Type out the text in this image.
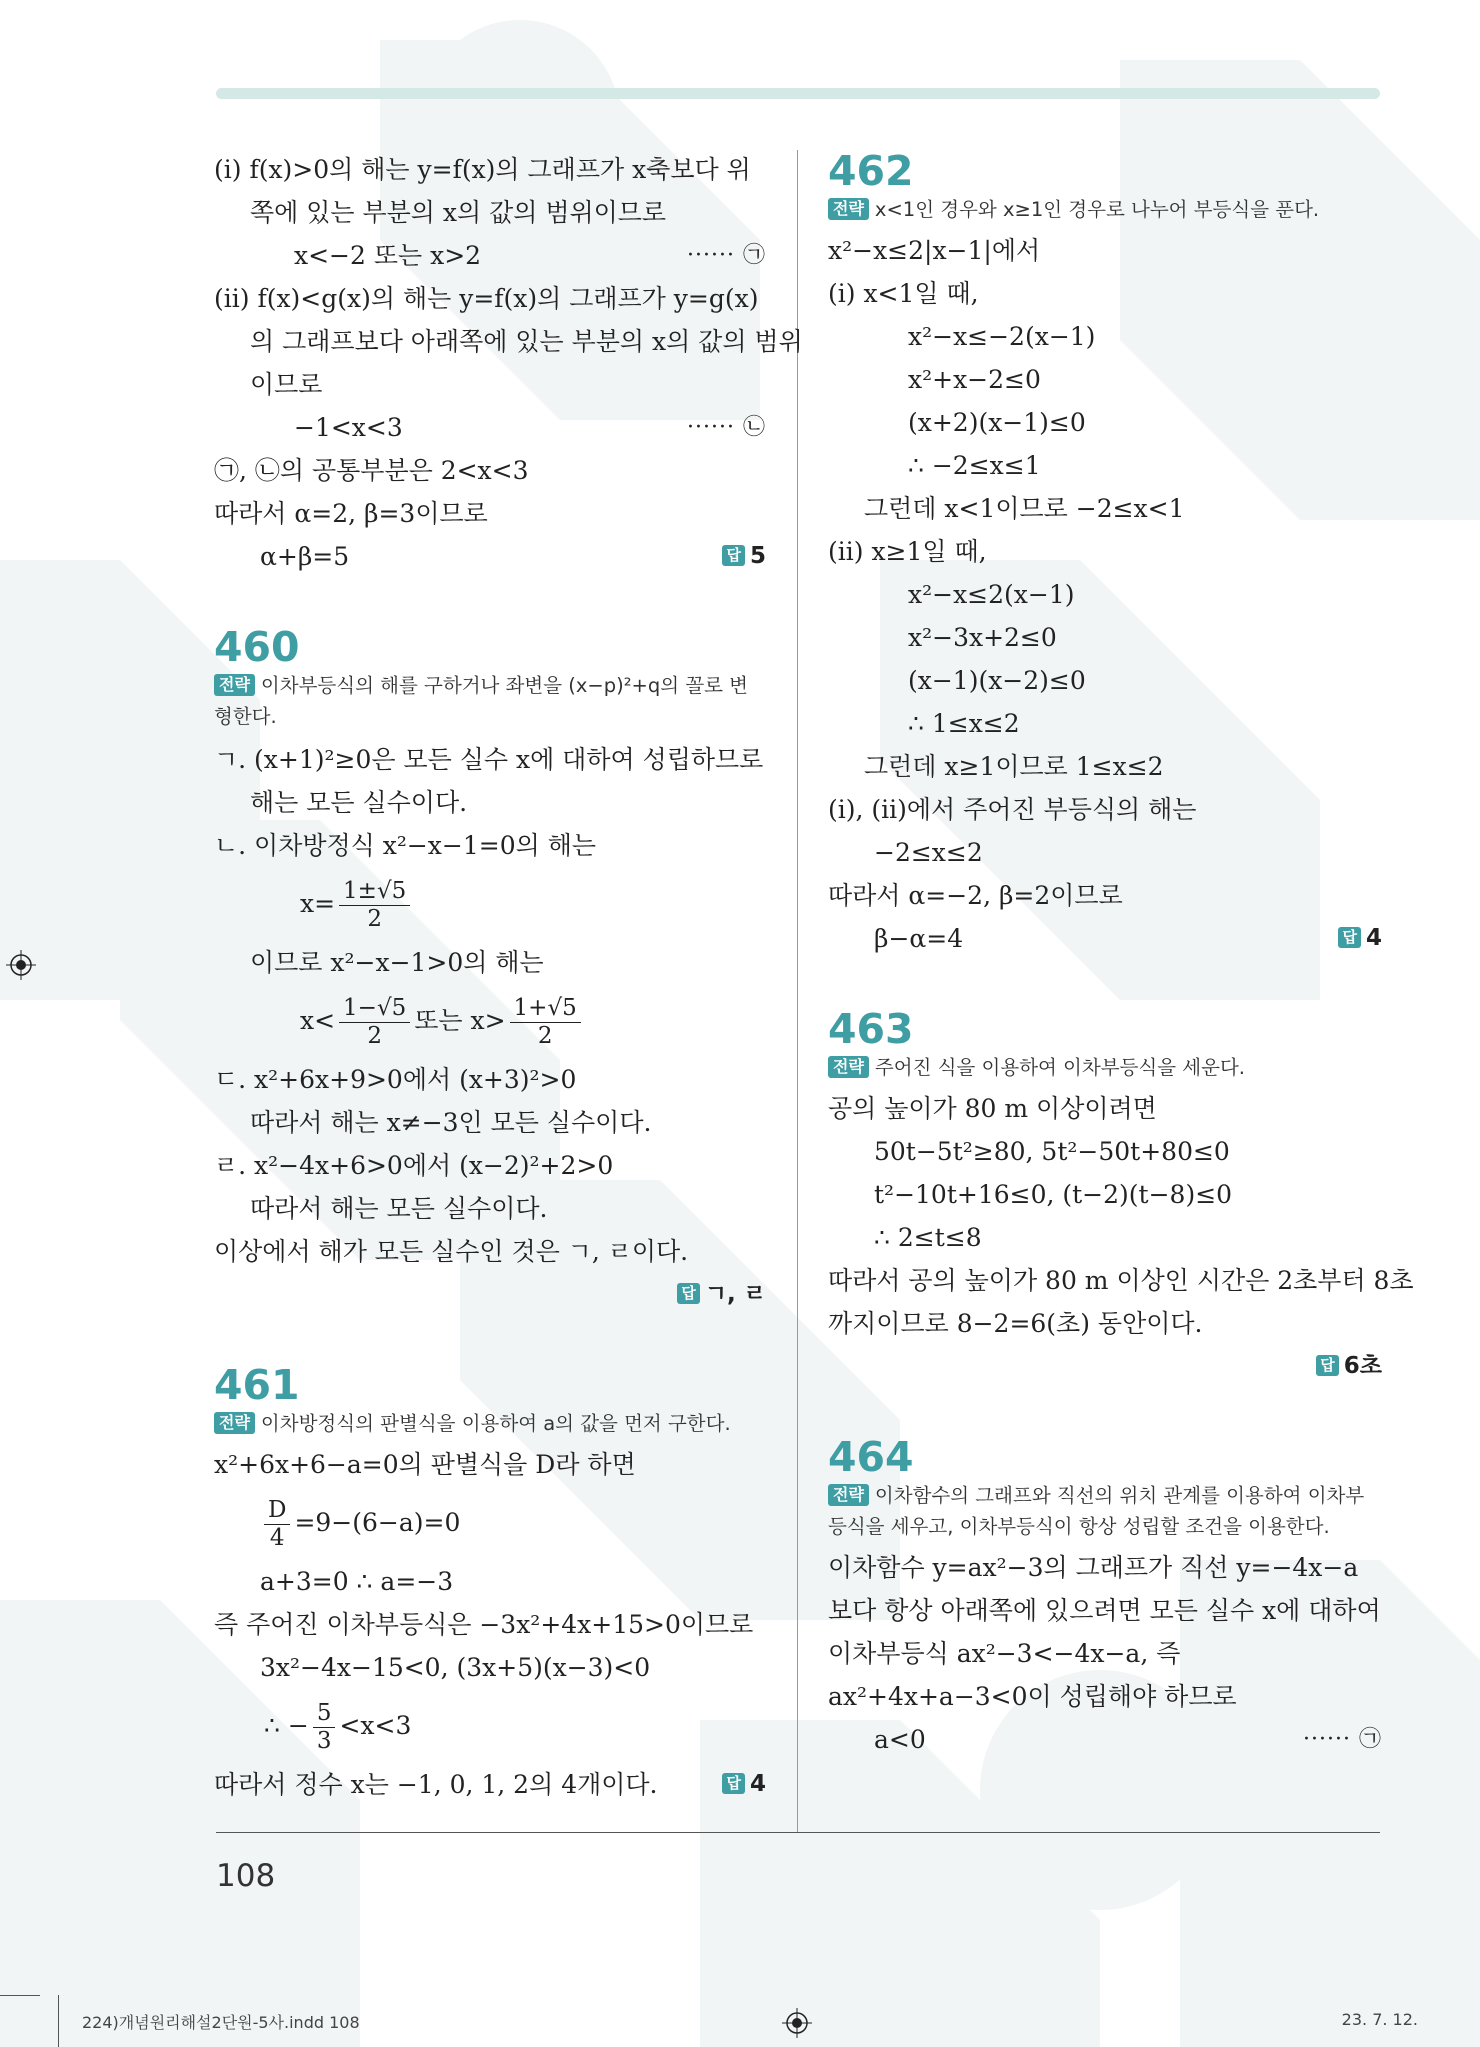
(ⅰ) f(x)>0의 해는 y=f(x)의 그래프가 x축보다 위
쪽에 있는 부분의 x의 값의 범위이므로
x<−2 또는 x>2	······ ㉠
(ⅱ) f(x)<g(x)의 해는 y=f(x)의 그래프가 y=g(x)
의 그래프보다 아래쪽에 있는 부분의 x의 값의 범위
이므로
−1<x<3	······ ㉡
㉠, ㉡의 공통부분은 2<x<3
따라서 α=2, β=3이므로
α+β=5	답 5
460
전략 이차부등식의 해를 구하거나 좌변을 (x−p)²+q의 꼴로 변
형한다.
ㄱ. (x+1)²≥0은 모든 실수 x에 대하여 성립하므로
해는 모든 실수이다.
ㄴ. 이차방정식 x²−x−1=0의 해는
$x= \frac{1\pm√5}{2}$
이므로 x²−x−1>0의 해는
$x< \frac{1-√5}{2}$ 또는 $x> \frac{1+√5}{2}$
ㄷ. x²+6x+9>0에서 (x+3)²>0
따라서 해는 x≠−3인 모든 실수이다.
ㄹ. x²−4x+6>0에서 (x−2)²+2>0
따라서 해는 모든 실수이다.
이상에서 해가 모든 실수인 것은 ㄱ, ㄹ이다.
답 ㄱ, ㄹ
461
전략 이차방정식의 판별식을 이용하여 a의 값을 먼저 구한다.
x²+6x+6−a=0의 판별식을 D라 하면
$\frac{D}{4} =9-(6-a)=0$
a+3=0 ∴ a=−3
즉 주어진 이차부등식은 −3x²+4x+15>0이므로
3x²−4x−15<0, (3x+5)(x−3)<0
∴ − $\frac{5}{3} <x<3$
따라서 정수 x는 −1, 0, 1, 2의 4개이다.	답 4
462
전략 x<1인 경우와 x≥1인 경우로 나누어 부등식을 푼다.
x²−x≤2|x−1|에서
(ⅰ) x<1일 때,
x²−x≤−2(x−1)
x²+x−2≤0
(x+2)(x−1)≤0
∴ −2≤x≤1
그런데 x<1이므로 −2≤x<1
(ⅱ) x≥1일 때,
x²−x≤2(x−1)
x²−3x+2≤0
(x−1)(x−2)≤0
∴ 1≤x≤2
그런데 x≥1이므로 1≤x≤2
(ⅰ), (ⅱ)에서 주어진 부등식의 해는
−2≤x≤2
따라서 α=−2, β=2이므로
β−α=4	답 4
463
전략 주어진 식을 이용하여 이차부등식을 세운다.
공의 높이가 80 m 이상이려면
50t−5t²≥80, 5t²−50t+80≤0
t²−10t+16≤0, (t−2)(t−8)≤0
∴ 2≤t≤8
따라서 공의 높이가 80 m 이상인 시간은 2초부터 8초
까지이므로 8−2=6(초) 동안이다.
답 6초
464
전략 이차함수의 그래프와 직선의 위치 관계를 이용하여 이차부
등식을 세우고, 이차부등식이 항상 성립할 조건을 이용한다.
이차함수 y=ax²−3의 그래프가 직선 y=−4x−a
보다 항상 아래쪽에 있으려면 모든 실수 x에 대하여
이차부등식 ax²−3<−4x−a, 즉
ax²+4x+a−3<0이 성립해야 하므로
a<0	······ ㉠
108
224)개념원리해설2단원-5사.indd 108	23. 7. 12.
